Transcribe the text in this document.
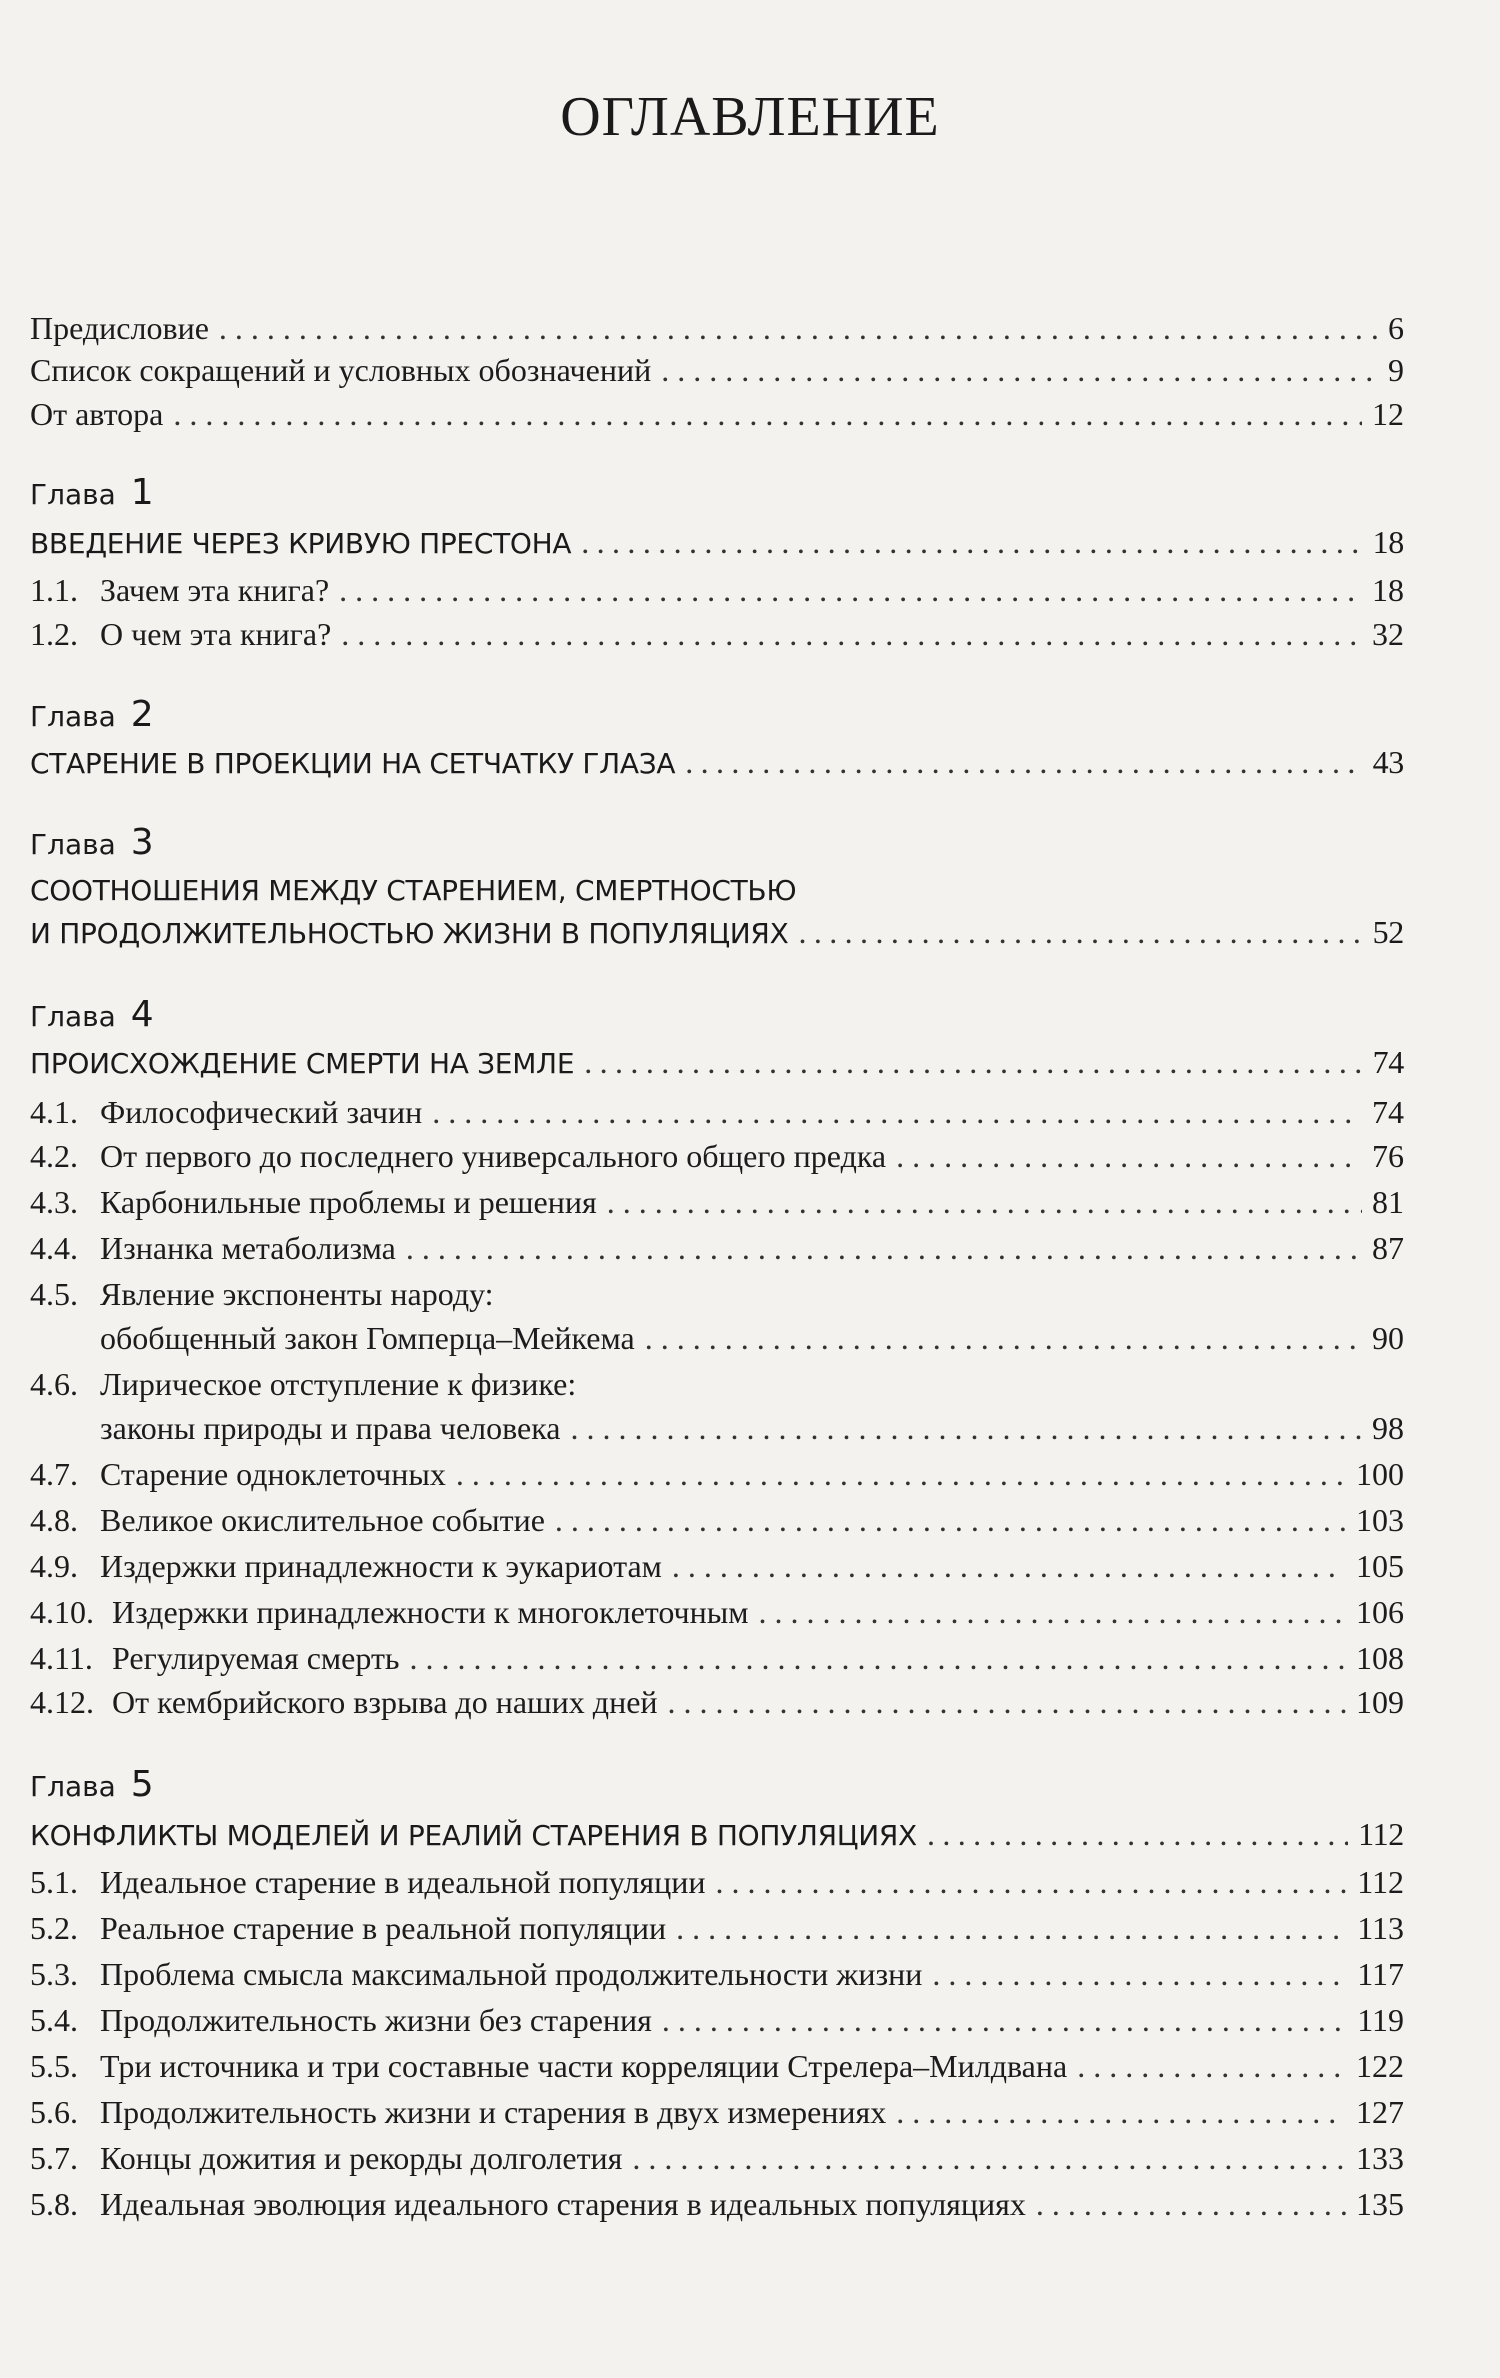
ОГЛАВЛЕНИЕ
Предисловие . . .	6
Список сокращений и условных обозначений . . .	9
От автора . . .	12
Глава 1
ВВЕДЕНИЕ ЧЕРЕЗ КРИВУЮ ПРЕСТОНА . . .	18
1.1. Зачем эта книга? . . .	18
1.2. О чем эта книга? . . .	32
Глава 2
СТАРЕНИЕ В ПРОЕКЦИИ НА СЕТЧАТКУ ГЛАЗА . . .	43
Глава 3
СООТНОШЕНИЯ МЕЖДУ СТАРЕНИЕМ, СМЕРТНОСТЬЮ
И ПРОДОЛЖИТЕЛЬНОСТЬЮ ЖИЗНИ В ПОПУЛЯЦИЯХ . . .	52
Глава 4
ПРОИСХОЖДЕНИЕ СМЕРТИ НА ЗЕМЛЕ . . .	74
4.1. Философический зачин . . .	74
4.2. От первого до последнего универсального общего предка . . .	76
4.3. Карбонильные проблемы и решения . . .	81
4.4. Изнанка метаболизма . . .	87
4.5. Явление экспоненты народу:
обобщенный закон Гомперца–Мейкема . . .	90
4.6. Лирическое отступление к физике:
законы природы и права человека . . .	98
4.7. Старение одноклеточных . . .	100
4.8. Великое окислительное событие . . .	103
4.9. Издержки принадлежности к эукариотам . . .	105
4.10. Издержки принадлежности к многоклеточным . . .	106
4.11. Регулируемая смерть . . .	108
4.12. От кембрийского взрыва до наших дней . . .	109
Глава 5
КОНФЛИКТЫ МОДЕЛЕЙ И РЕАЛИЙ СТАРЕНИЯ В ПОПУЛЯЦИЯХ . . .	112
5.1. Идеальное старение в идеальной популяции . . .	112
5.2. Реальное старение в реальной популяции . . .	113
5.3. Проблема смысла максимальной продолжительности жизни . . .	117
5.4. Продолжительность жизни без старения . . .	119
5.5. Три источника и три составные части корреляции Стрелера–Милдвана . . .	122
5.6. Продолжительность жизни и старения в двух измерениях . . .	127
5.7. Концы дожития и рекорды долголетия . . .	133
5.8. Идеальная эволюция идеального старения в идеальных популяциях . . .	135
